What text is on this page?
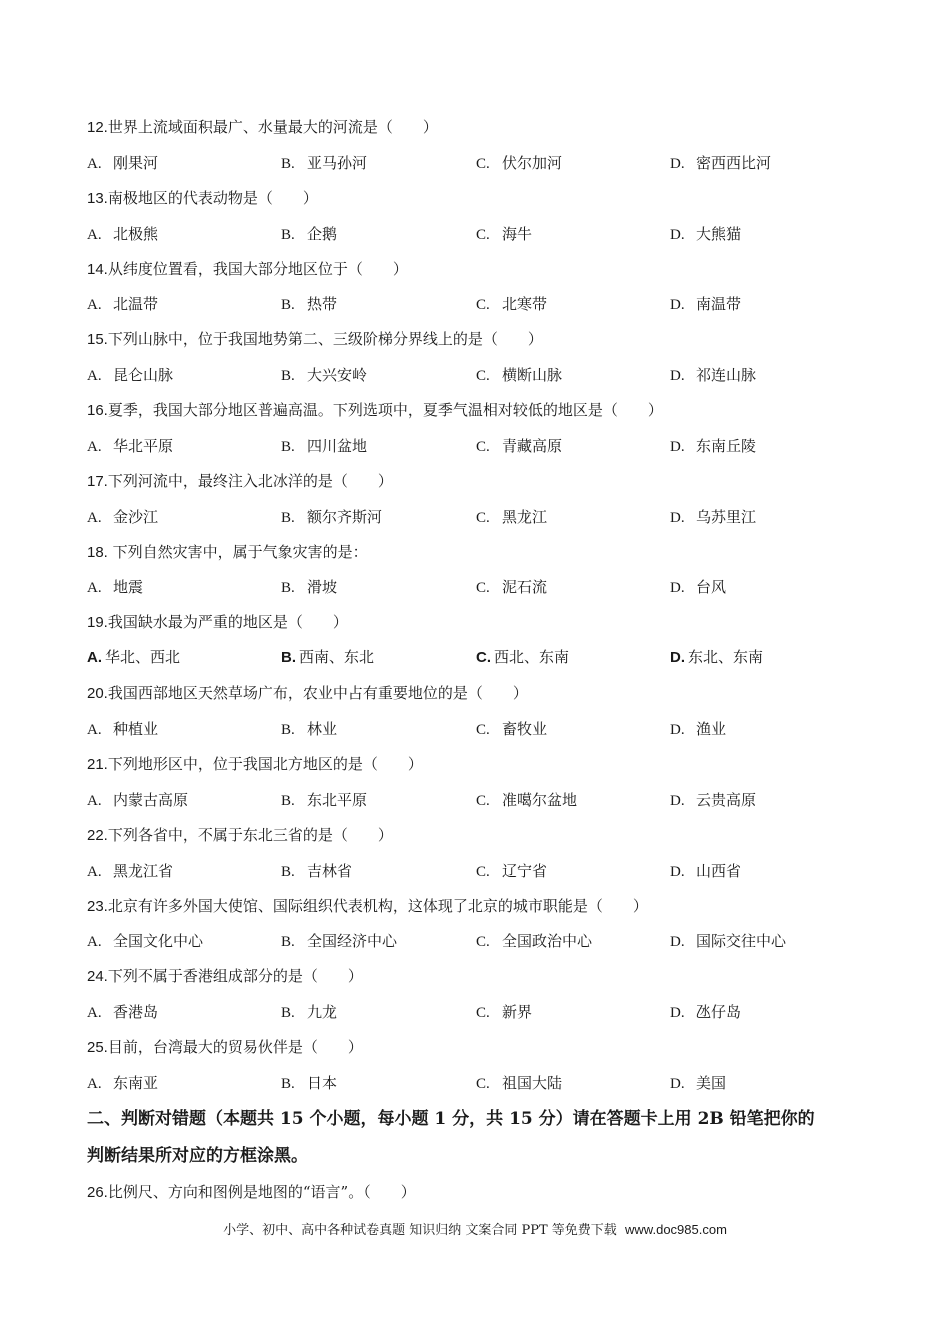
12.世界上流域面积最广、水量最大的河流是（　　）
A. 刚果河	B. 亚马孙河	C. 伏尔加河	D. 密西西比河
13.南极地区的代表动物是（　　）
A. 北极熊	B. 企鹅	C. 海牛	D. 大熊猫
14.从纬度位置看，我国大部分地区位于（　　）
A. 北温带	B. 热带	C. 北寒带	D. 南温带
15.下列山脉中，位于我国地势第二、三级阶梯分界线上的是（　　）
A. 昆仑山脉	B. 大兴安岭	C. 横断山脉	D. 祁连山脉
16.夏季，我国大部分地区普遍高温。下列选项中，夏季气温相对较低的地区是（　　）
A. 华北平原	B. 四川盆地	C. 青藏高原	D. 东南丘陵
17.下列河流中，最终注入北冰洋的是（　　）
A. 金沙江	B. 额尔齐斯河	C. 黑龙江	D. 乌苏里江
18. 下列自然灾害中，属于气象灾害的是：
A. 地震	B. 滑坡	C. 泥石流	D. 台风
19.我国缺水最为严重的地区是（　　）
A. 华北、西北	B. 西南、东北	C. 西北、东南	D. 东北、东南
20.我国西部地区天然草场广布，农业中占有重要地位的是（　　）
A. 种植业	B. 林业	C. 畜牧业	D. 渔业
21.下列地形区中，位于我国北方地区的是（　　）
A. 内蒙古高原	B. 东北平原	C. 准噶尔盆地	D. 云贵高原
22.下列各省中，不属于东北三省的是（　　）
A. 黑龙江省	B. 吉林省	C. 辽宁省	D. 山西省
23.北京有许多外国大使馆、国际组织代表机构，这体现了北京的城市职能是（　　）
A. 全国文化中心	B. 全国经济中心	C. 全国政治中心	D. 国际交往中心
24.下列不属于香港组成部分的是（　　）
A. 香港岛	B. 九龙	C. 新界	D. 氹仔岛
25.目前，台湾最大的贸易伙伴是（　　）
A. 东南亚	B. 日本	C. 祖国大陆	D. 美国
二、判断对错题（本题共 15 个小题，每小题 1 分，共 15 分）请在答题卡上用 2B 铅笔把你的
判断结果所对应的方框涂黑。
26.比例尺、方向和图例是地图的“语言”。（　　）
小学、初中、高中各种试卷真题 知识归纳 文案合同 PPT 等免费下载 www.doc985.com
